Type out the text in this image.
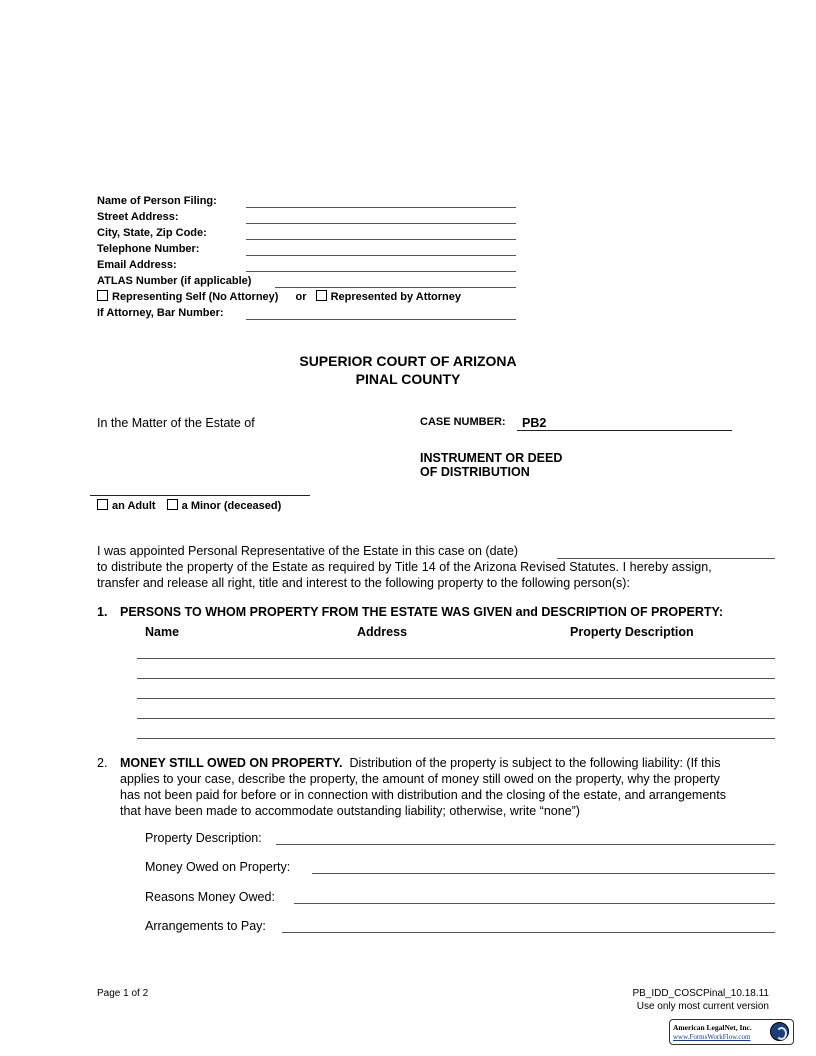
Name of Person Filing:
Street Address:
City, State, Zip Code:
Telephone Number:
Email Address:
ATLAS Number (if applicable)
Representing Self (No Attorney) or Represented by Attorney
If Attorney, Bar Number:
SUPERIOR COURT OF ARIZONA
PINAL COUNTY
In the Matter of the Estate of	CASE NUMBER: PB2
INSTRUMENT OR DEED
OF DISTRIBUTION
an Adult a Minor (deceased)
I was appointed Personal Representative of the Estate in this case on (date)
to distribute the property of the Estate as required by Title 14 of the Arizona Revised Statutes. I hereby assign,
transfer and release all right, title and interest to the following property to the following person(s):
1. PERSONS TO WHOM PROPERTY FROM THE ESTATE WAS GIVEN and DESCRIPTION OF PROPERTY:
Name	Address	Property Description
2. MONEY STILL OWED ON PROPERTY. Distribution of the property is subject to the following liability: (If this
applies to your case, describe the property, the amount of money still owed on the property, why the property
has not been paid for before or in connection with distribution and the closing of the estate, and arrangements
that have been made to accommodate outstanding liability; otherwise, write “none”)
Property Description:
Money Owed on Property:
Reasons Money Owed:
Arrangements to Pay:
Page 1 of 2	PB_IDD_COSCPinal_10.18.11
Use only most current version
American LegalNet, Inc.
www.FormsWorkFlow.com
